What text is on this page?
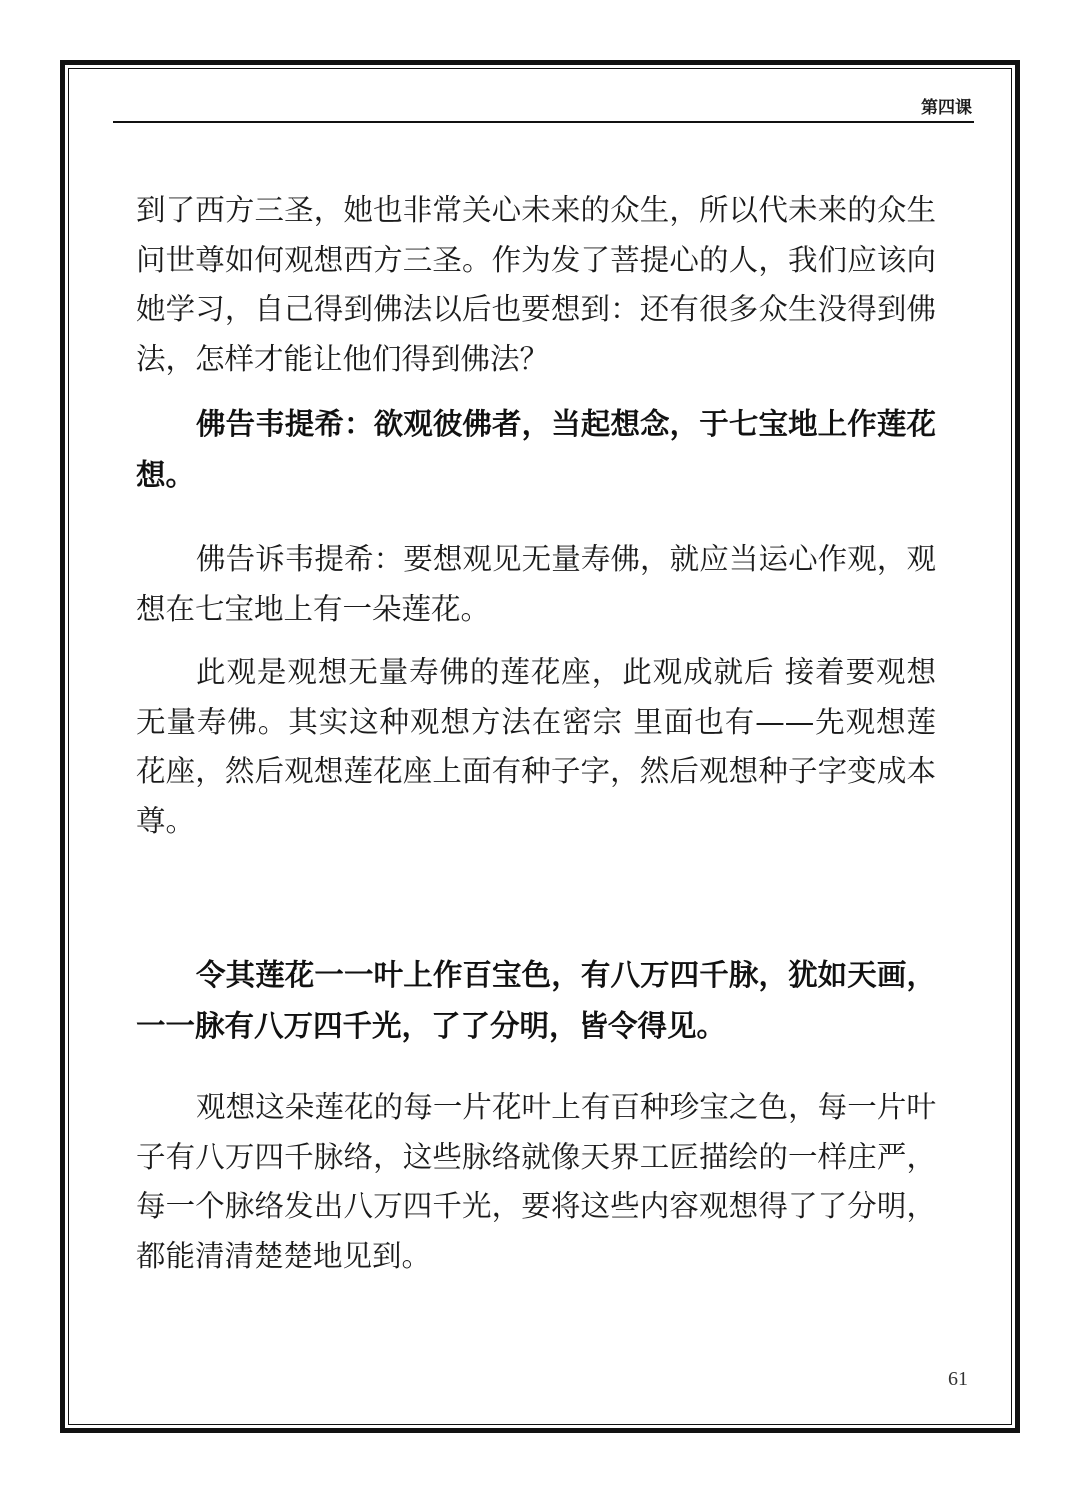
第四课

到了西方三圣，她也非常关心未来的众生，所以代未来的众生问世尊如何观想西方三圣。作为发了菩提心的人，我们应该向她学习，自己得到佛法以后也要想到：还有很多众生没得到佛法，怎样才能让他们得到佛法？

佛告韦提希：欲观彼佛者，当起想念，于七宝地上作莲花想。

佛告诉韦提希：要想观见无量寿佛，就应当运心作观，观想在七宝地上有一朵莲花。

此观是观想无量寿佛的莲花座，此观成就后 接着要观想无量寿佛。其实这种观想方法在密宗 里面也有——先观想莲花座，然后观想莲花座上面有种子字，然后观想种子字变成本尊。

令其莲花一一叶上作百宝色，有八万四千脉，犹如天画，一一脉有八万四千光，了了分明，皆令得见。

观想这朵莲花的每一片花叶上有百种珍宝之色，每一片叶子有八万四千脉络，这些脉络就像天界工匠描绘的一样庄严，每一个脉络发出八万四千光，要将这些内容观想得了了分明，都能清清楚楚地见到。

61
